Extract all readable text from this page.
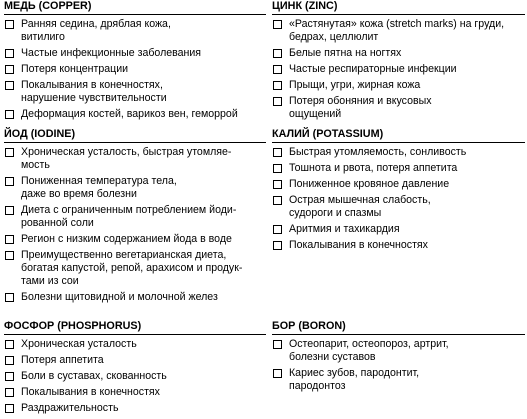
МЕДЬ (COPPER)
Ранняя седина, дряблая кожа,
витилиго
Частые инфекционные заболевания
Потеря концентрации
Покалывания в конечностях,
нарушение чувствительности
Деформация костей, варикоз вен, геморрой
ЙОД (IODINE)
Хроническая усталость, быстрая утомляе-
мость
Пониженная температура тела,
даже во время болезни
Диета с ограниченным потреблением йоди-
рованной соли
Регион с низким содержанием йода в воде
Преимущественно вегетарианская диета,
богатая капустой, репой, арахисом и продук-
тами из сои
Болезни щитовидной и молочной желез
ФОСФОР (PHOSPHORUS)
Хроническая усталость
Потеря аппетита
Боли в суставах, скованность
Покалывания в конечностях
Раздражительность
ЦИНК (ZINC)
«Растянутая» кожа (stretch marks) на груди,
бедрах, целлюлит
Белые пятна на ногтях
Частые респираторные инфекции
Прыщи, угри, жирная кожа
Потеря обоняния и вкусовых
ощущений
КАЛИЙ (POTASSIUM)
Быстрая утомляемость, сонливость
Тошнота и рвота, потеря аппетита
Пониженное кровяное давление
Острая мышечная слабость,
судороги и спазмы
Аритмия и тахикардия
Покалывания в конечностях
БОР (BORON)
Остеопарит, остеопороз, артрит,
болезни суставов
Кариес зубов, пародонтит,
пародонтоз
